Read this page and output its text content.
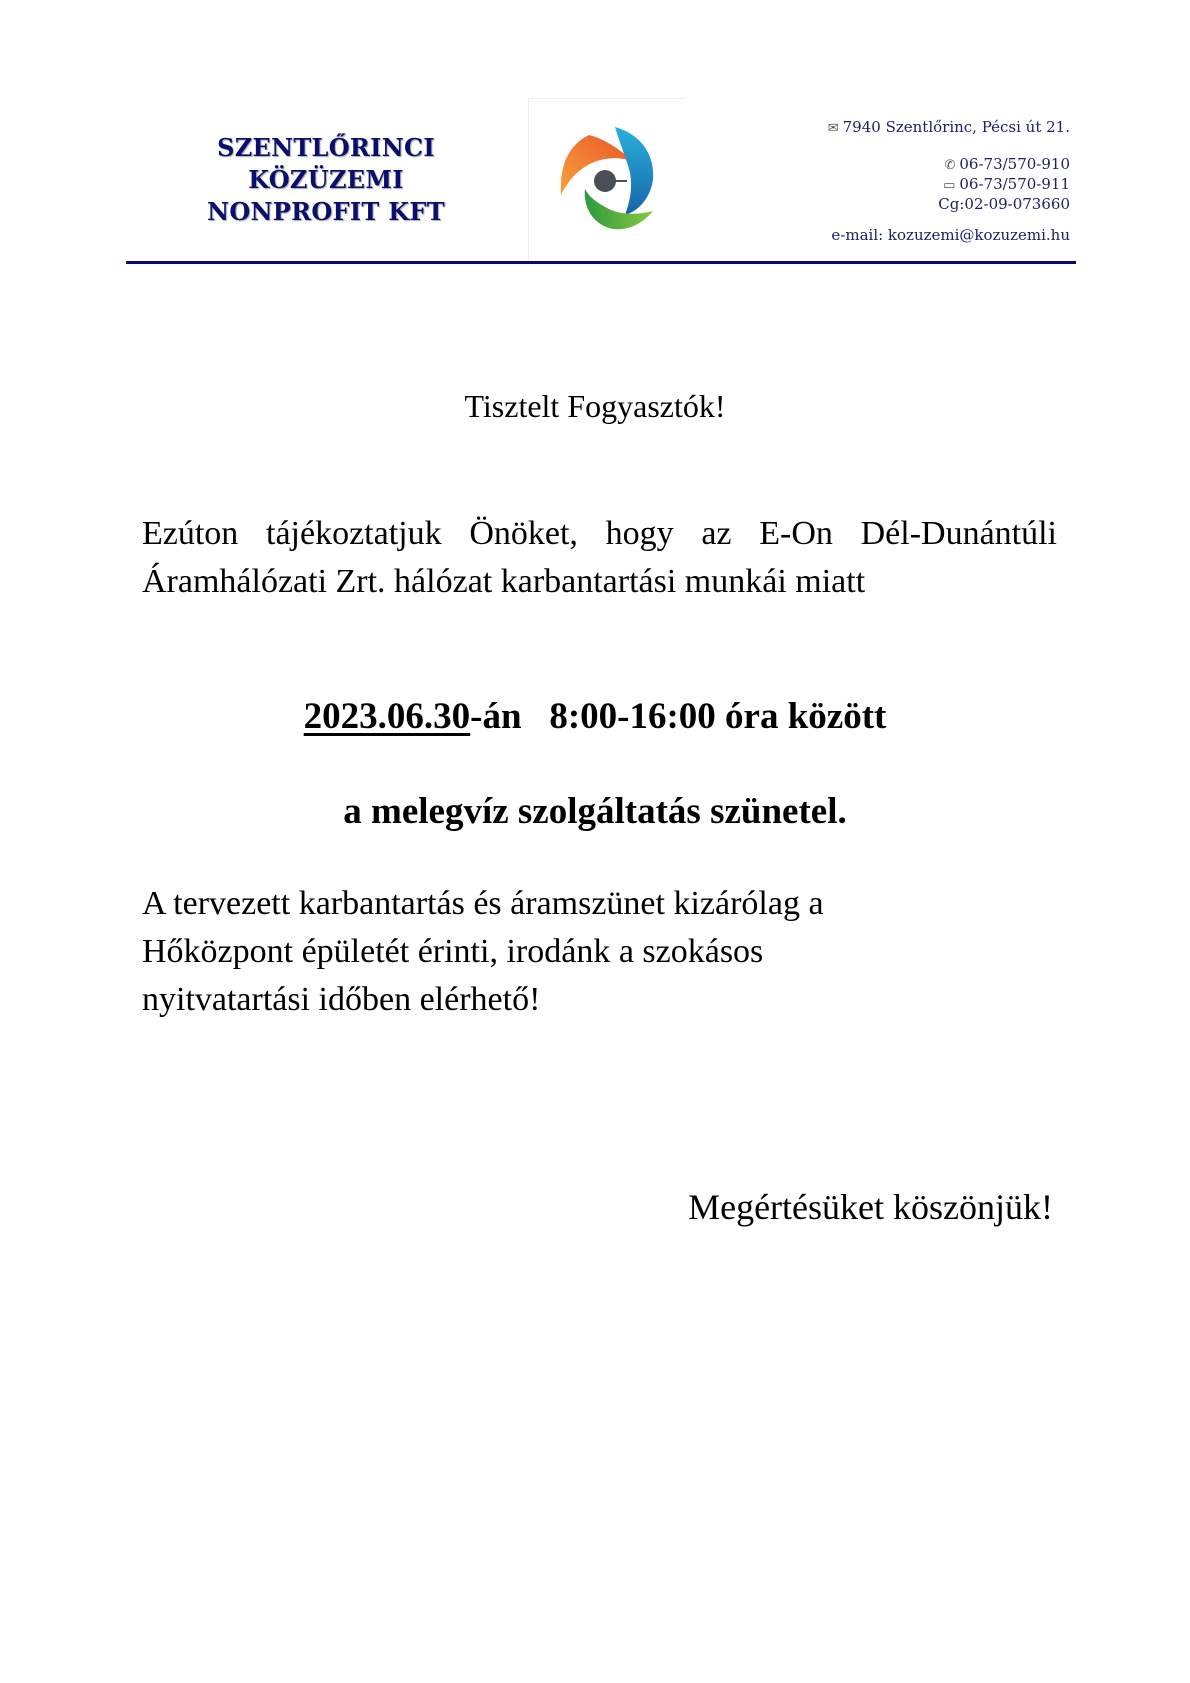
SZENTLŐRINCI
KÖZÜZEMI
NONPROFIT KFT
✉ 7940 Szentlőrinc, Pécsi út 21.
✆ 06-73/570-910
▭ 06-73/570-911
Cg:02-09-073660
e-mail: kozuzemi@kozuzemi.hu
Tisztelt Fogyasztók!
Ezúton tájékoztatjuk Önöket, hogy az E-On Dél-Dunántúli
Áramhálózati Zrt. hálózat karbantartási munkái miatt
2023.06.30-án 8:00-16:00 óra között
a melegvíz szolgáltatás szünetel.
A tervezett karbantartás és áramszünet kizárólag a
Hőközpont épületét érinti, irodánk a szokásos
nyitvatartási időben elérhető!
Megértésüket köszönjük!
